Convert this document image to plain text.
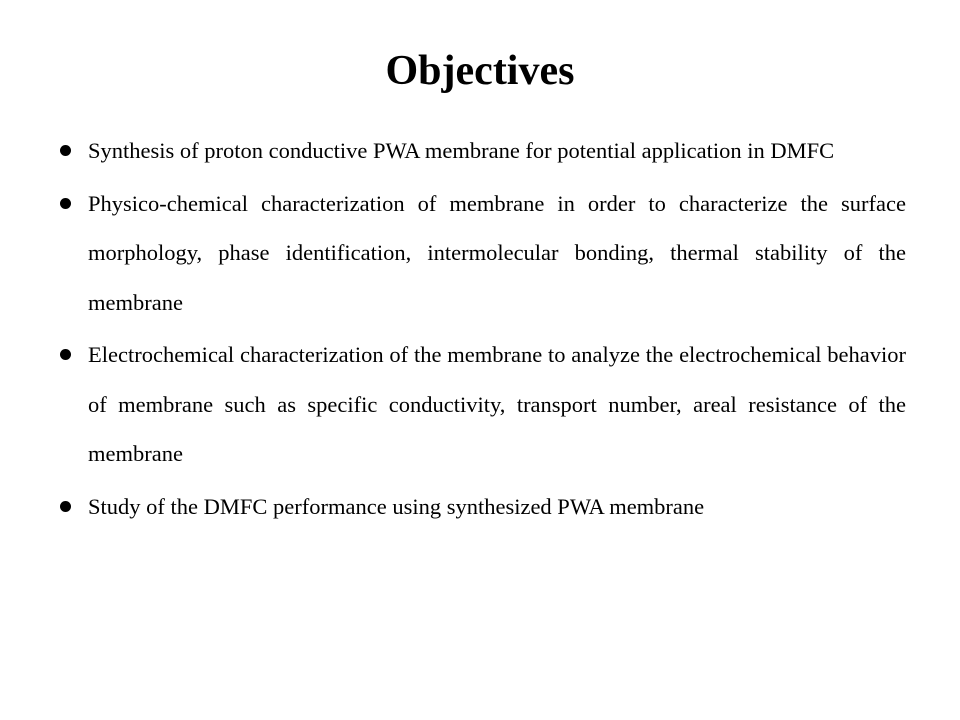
Objectives
Synthesis of proton conductive PWA membrane for potential application in DMFC
Physico-chemical characterization of membrane in order to characterize the surface morphology, phase identification, intermolecular bonding, thermal stability of the membrane
Electrochemical characterization of the membrane to analyze the electrochemical behavior of membrane such as specific conductivity, transport number, areal resistance of the membrane
Study of the DMFC performance using synthesized PWA membrane
